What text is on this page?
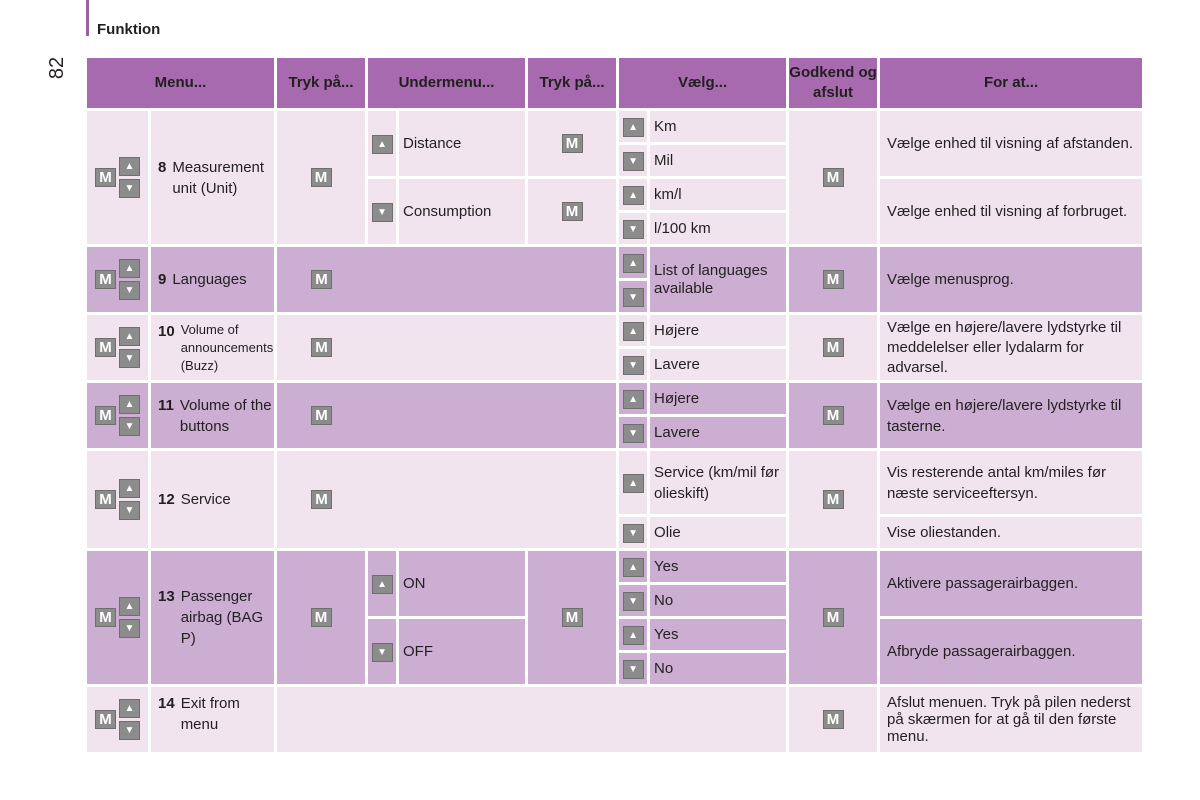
Funktion
82
Menu...		Tryk på...	Undermenu...		Tryk på...	Vælg...		Godkend og afslut	For at...
M
▲
▼	8 Measurement unit (Unit)	M	▲	Distance	M	▲	Km	M	Vælge enhed til visning af afstanden.
						▼	Mil		
			▼	Consumption	M	▲	km/l		Vælge enhed til visning af forbruget.
						▼	l/100 km		
M
▲
▼	9 Languages	M				▲	List of languages available	M	Vælge menusprog.
						▼			
M
▲
▼	10 Volume of announcements (Buzz)	M				▲	Højere	M	Vælge en højere/lavere lydstyrke til meddelelser eller lydalarm for advarsel.
						▼	Lavere		
M
▲
▼	11 Volume of the buttons	M				▲	Højere	M	Vælge en højere/lavere lydstyrke til tasterne.
						▼	Lavere		
M
▲
▼	12 Service	M				▲	Service (km/mil før olieskift)	M	Vis resterende antal km/miles før næste serviceeftersyn.
						▼	Olie		Vise oliestanden.
M
▲
▼	13 Passenger airbag (BAG P)	M	▲	ON	M	▲	Yes	M	Aktivere passagerairbaggen.
						▼	No		
			▼	OFF		▲	Yes		Afbryde passagerairbaggen.
						▼	No		
M
▲
▼	14 Exit from menu							M	Afslut menuen. Tryk på pilen nederst på skærmen for at gå til den første menu.
